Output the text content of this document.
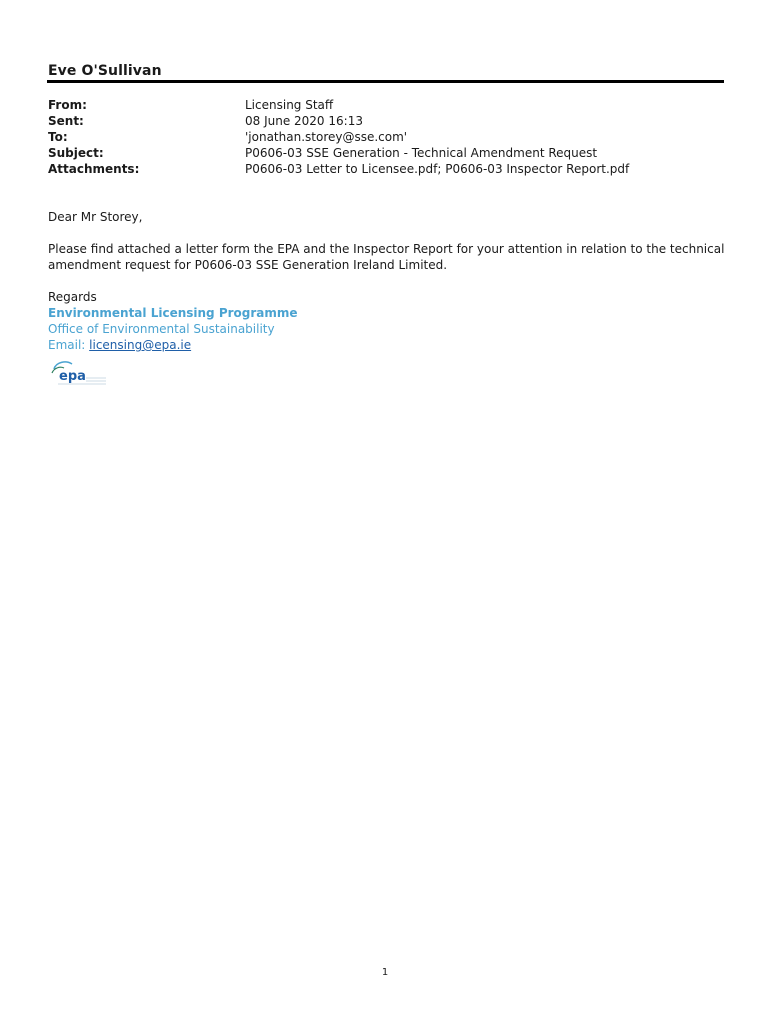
Eve O'Sullivan
From:	Licensing Staff
Sent:	08 June 2020 16:13
To:	'jonathan.storey@sse.com'
Subject:	P0606-03 SSE Generation - Technical Amendment Request
Attachments:	P0606-03 Letter to Licensee.pdf; P0606-03 Inspector Report.pdf

Dear Mr Storey,

Please find attached a letter form the EPA and the Inspector Report for your attention in relation to the technical

amendment request for P0606-03 SSE Generation Ireland Limited.

Regards

Environmental Licensing Programme

Office of Environmental Sustainability

Email: licensing@epa.ie

epa
1
